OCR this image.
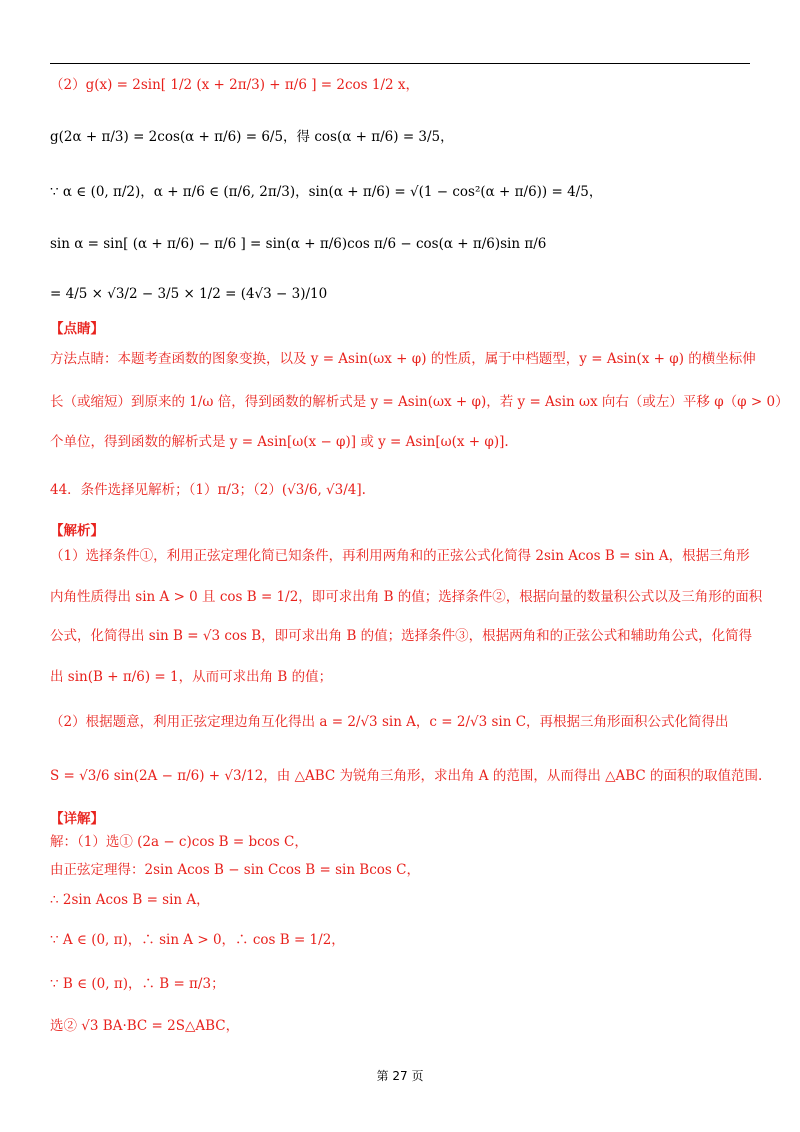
（2）g(x) = 2sin[ 1/2 (x + 2π/3) + π/6 ] = 2cos 1/2 x，
g(2α + π/3) = 2cos(α + π/6) = 6/5，得 cos(α + π/6) = 3/5，
∵ α ∈ (0, π/2)，α + π/6 ∈ (π/6, 2π/3)，sin(α + π/6) = √(1 − cos²(α + π/6)) = 4/5，
sin α = sin[ (α + π/6) − π/6 ] = sin(α + π/6)cos π/6 − cos(α + π/6)sin π/6
= 4/5 × √3/2 − 3/5 × 1/2 = (4√3 − 3)/10
【点睛】
方法点睛：本题考查函数的图象变换，以及 y = Asin(ωx + φ) 的性质，属于中档题型，y = Asin(x + φ) 的横坐标伸
长（或缩短）到原来的 1/ω 倍，得到函数的解析式是 y = Asin(ωx + φ)，若 y = Asin ωx 向右（或左）平移 φ（φ > 0）
个单位，得到函数的解析式是 y = Asin[ω(x − φ)] 或 y = Asin[ω(x + φ)].
44．条件选择见解析；（1）π/3；（2）(√3/6, √3/4].
【解析】
（1）选择条件①，利用正弦定理化简已知条件，再利用两角和的正弦公式化简得 2sin Acos B = sin A，根据三角形
内角性质得出 sin A > 0 且 cos B = 1/2，即可求出角 B 的值；选择条件②，根据向量的数量积公式以及三角形的面积
公式，化简得出 sin B = √3 cos B，即可求出角 B 的值；选择条件③，根据两角和的正弦公式和辅助角公式，化简得
出 sin(B + π/6) = 1，从而可求出角 B 的值；
（2）根据题意，利用正弦定理边角互化得出 a = 2/√3 sin A，c = 2/√3 sin C，再根据三角形面积公式化简得出
S = √3/6 sin(2A − π/6) + √3/12，由 △ABC 为锐角三角形，求出角 A 的范围，从而得出 △ABC 的面积的取值范围.
【详解】
解：（1）选① (2a − c)cos B = bcos C，
由正弦定理得：2sin Acos B − sin Ccos B = sin Bcos C，
∴ 2sin Acos B = sin A，
∵ A ∈ (0, π)，∴ sin A > 0，∴ cos B = 1/2，
∵ B ∈ (0, π)，∴ B = π/3；
选② √3 BA·BC = 2S△ABC，
第 27 页
